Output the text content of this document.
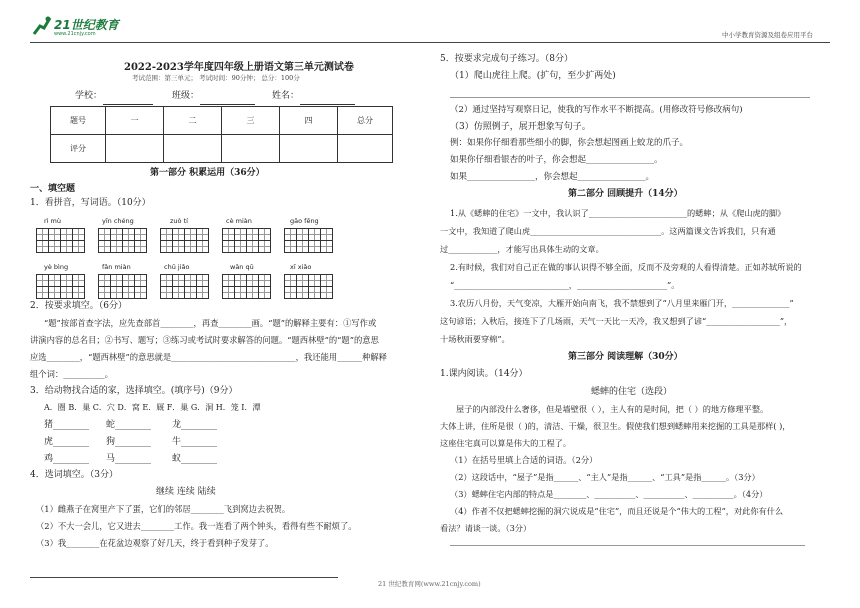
21世纪教育
www.21cnjy.com	中小学教育资源及组卷应用平台
2022-2023学年度四年级上册语文第三单元测试卷
考试范围：第三单元； 考试时间：90分钟； 总分：100分
学校：	班级：	姓名：
题号	一	二	三	四	总分
评分					
第一部分 积累运用（36分）
一、填空题
1．看拼音，写词语。（10分）
rì mù	yīn chéng	zuò tí	cè miàn	gāo fēng
yè bìng	fǎn miàn	chū jiǎo	wān qū	xī xiǎo
2．按要求填空。（6分）
“题”按部首查字法，应先查部首________，再查________画。“题”的解释主要有：①写作或
讲演内容的总名目；②书写、题写；③练习或考试时要求解答的问题。“题西林壁”的“题”的意思
应选________，“题西林壁”的意思就是______________________________，我还能用______种解释
组个词：__________。
3．给动物找合适的家，选择填空。(填序号)（9分）
A．圈 B．巢 C．穴 D．窝 E．厩 F．巢 G．洞 H．笼 I．潭
猪________ 蛇________ 龙________
虎________ 狗________ 牛________
鸡________ 马________ 蚁________
4．选词填空。（3分）
继续 连续 陆续
（1）雌燕子在窝里产下了蛋，它们的邻居________飞到窝边去祝贺。
（2）不大一会儿，它又进去________工作。我一连看了两个钟头，看得有些不耐烦了。
（3）我________在花盆边观察了好几天，终于看到种子发芽了。
5．按要求完成句子练习。（8分）
（1）爬山虎往上爬。(扩句，至少扩两处)
（2）通过坚持写观察日记，使我的写作水平不断提高。(用修改符号修改病句)
（3）仿照例子，展开想象写句子。
例：如果你仔细看那些细小的脚，你会想起图画上蛟龙的爪子。
如果你仔细看银杏的叶子，你会想起________________。
如果________________，你会想起________________。
第二部分 回顾提升（14分）
1.从《蟋蟀的住宅》一文中，我认识了________________________的蟋蟀；从《爬山虎的脚》
一文中，我知道了爬山虎________________________________。这两篇课文告诉我们，只有通
过____________，才能写出具体生动的文章。
2.有时候，我们对自己正在做的事认识得不够全面，反而不及旁观的人看得清楚。正如苏轼所说的
“____________________________，______________________”。
3.农历八月份，天气变凉，大雁开始向南飞，我不禁想到了“八月里来雁门开，______________”
这句谚语；入秋后，接连下了几场雨，天气一天比一天冷，我又想到了谚“__________________”，
十场秋雨要穿棉”。
第三部分 阅读理解（30分）
1.课内阅读。（14分）
蟋蟀的住宅（选段）
屋子的内部没什么奢侈，但是墙壁很（ ），主人有的是时间，把（ ）的地方修理平整。
大体上讲，住所是很（ )的，清洁、干燥，很卫生。假使我们想到蟋蟀用来挖掘的工具是那样( )，
这座住宅真可以算是伟大的工程了。
（1）在括号里填上合适的词语。（2分）
（2）这段话中，“屋子”是指______、“主人”是指______、“工具”是指______。（3分）
（3）蟋蟀住宅内部的特点是________、__________、__________、__________。（4分）
（4）作者不仅把蟋蟀挖掘的洞穴说成是“住宅”，而且还说是个“伟大的工程”，对此你有什么
看法？请谈一谈。（3分）
21 世纪教育网(www.21cnjy.com)
